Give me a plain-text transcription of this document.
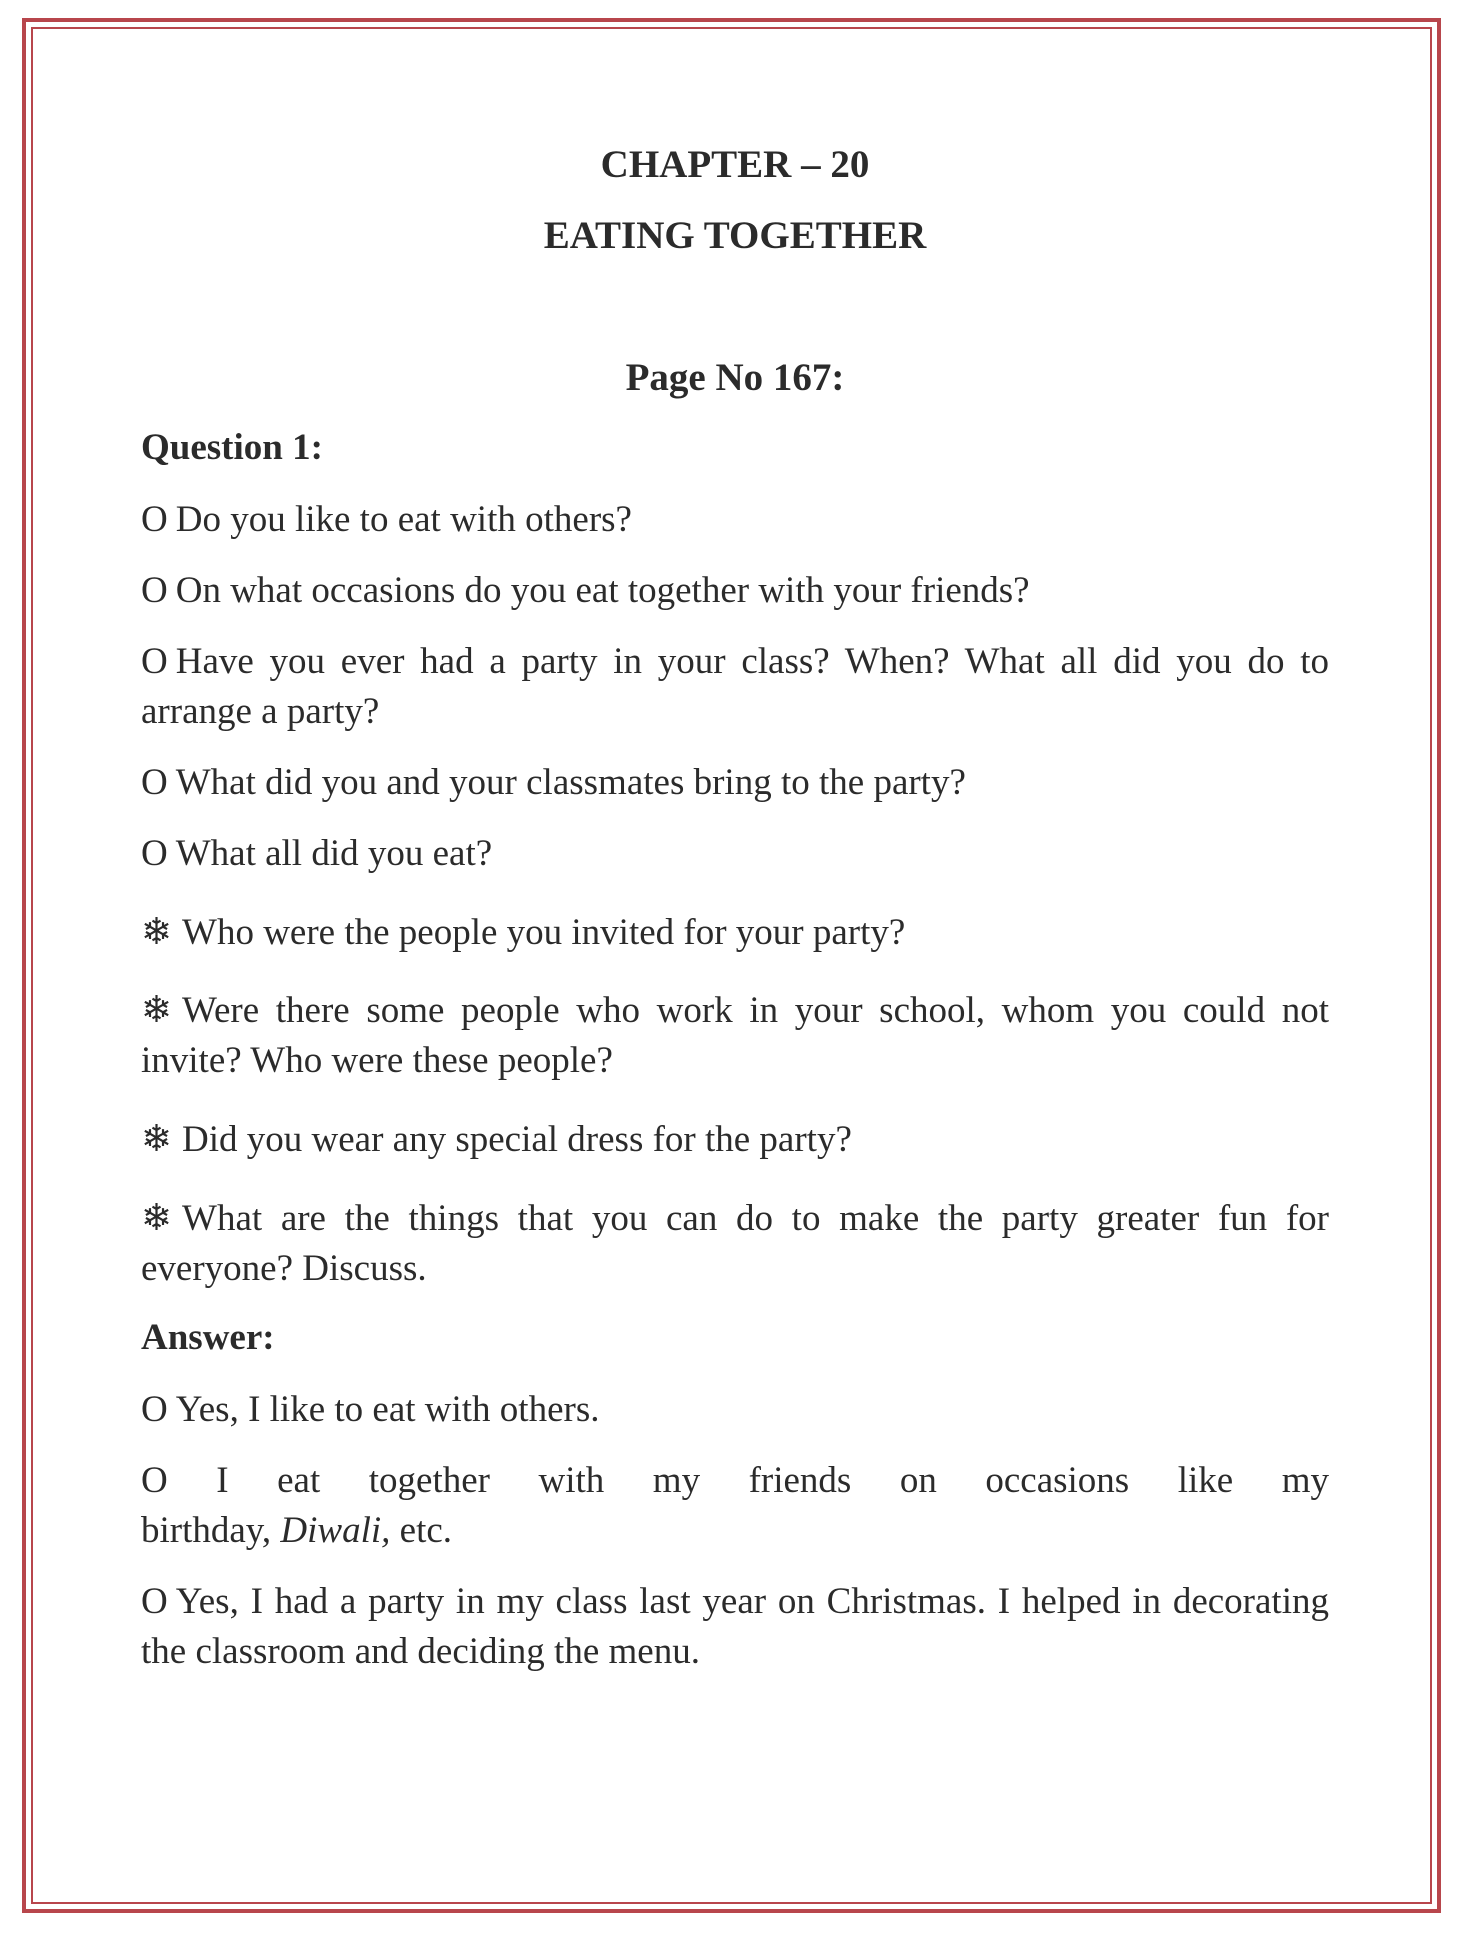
CHAPTER – 20
EATING TOGETHER
Page No 167:
Question 1:
O Do you like to eat with others?
O On what occasions do you eat together with your friends?
O Have you ever had a party in your class? When? What all did you do to arrange a party?
O What did you and your classmates bring to the party?
O What all did you eat?
❄ Who were the people you invited for your party?
❄ Were there some people who work in your school, whom you could not invite? Who were these people?
❄ Did you wear any special dress for the party?
❄ What are the things that you can do to make the party greater fun for everyone? Discuss.
Answer:
O Yes, I like to eat with others.
O I eat together with my friends on occasions like my
birthday, Diwali, etc.
O Yes, I had a party in my class last year on Christmas. I helped in decorating the classroom and deciding the menu.
